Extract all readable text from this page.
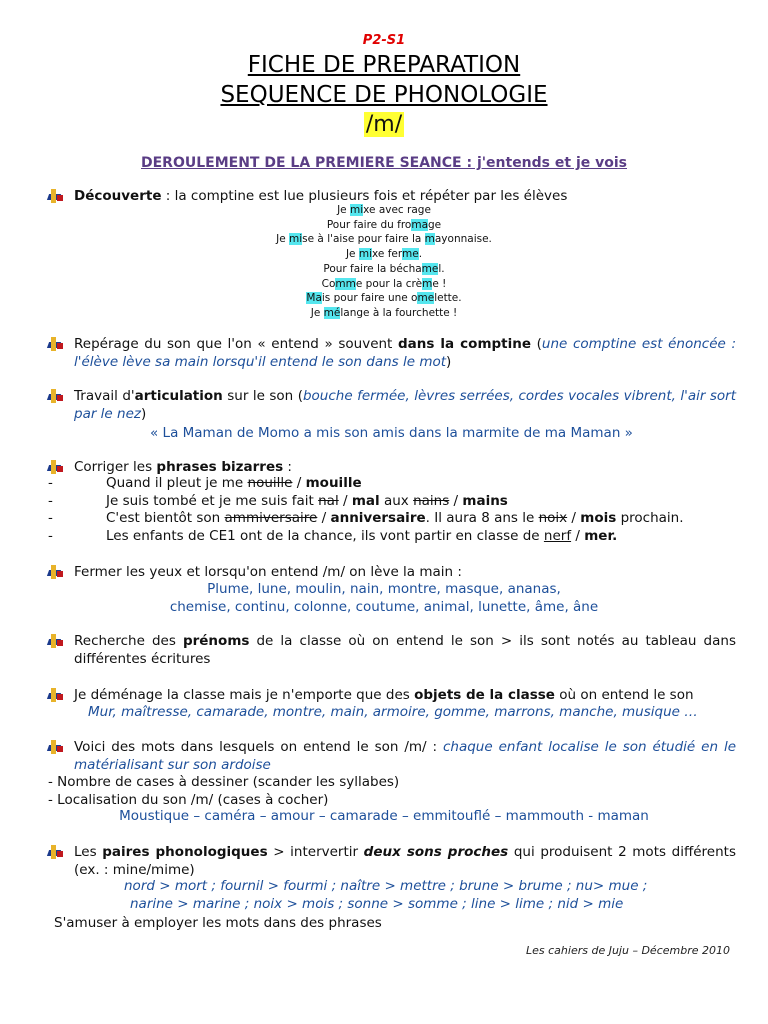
P2-S1
FICHE DE PREPARATION
SEQUENCE DE PHONOLOGIE
/m/
DEROULEMENT DE LA PREMIERE SEANCE : j'entends et je vois
Découverte : la comptine est lue plusieurs fois et répéter par les élèves
Je mixe avec rage
Pour faire du fromage
Je mise à l'aise pour faire la mayonnaise.
Je mixe ferme.
Pour faire la béchamel.
Comme pour la crème !
Mais pour faire une omelette.
Je mélange à la fourchette !
Repérage du son que l'on « entend » souvent dans la comptine (une comptine est énoncée : l'élève lève sa main lorsqu'il entend le son dans le mot)
Travail d'articulation sur le son (bouche fermée, lèvres serrées, cordes vocales vibrent, l'air sort par le nez)
« La Maman de Momo a mis son amis dans la marmite de ma Maman »
Corriger les phrases bizarres :
-	Quand il pleut je me nouille / mouille
-	Je suis tombé et je me suis fait nal / mal aux nains / mains
-	C'est bientôt son ammiversaire / anniversaire. Il aura 8 ans le noix / mois prochain.
-	Les enfants de CE1 ont de la chance, ils vont partir en classe de nerf / mer.
Fermer les yeux et lorsqu'on entend /m/ on lève la main :
Plume, lune, moulin, nain, montre, masque, ananas,
chemise, continu, colonne, coutume, animal, lunette, âme, âne
Recherche des prénoms de la classe où on entend le son > ils sont notés au tableau dans différentes écritures
Je déménage la classe mais je n'emporte que des objets de la classe où on entend le son
Mur, maîtresse, camarade, montre, main, armoire, gomme, marrons, manche, musique …
Voici des mots dans lesquels on entend le son /m/ : chaque enfant localise le son étudié en le matérialisant sur son ardoise
- Nombre de cases à dessiner (scander les syllabes)
- Localisation du son /m/ (cases à cocher)
Moustique – caméra – amour – camarade – emmitouflé – mammouth - maman
Les paires phonologiques > intervertir deux sons proches qui produisent 2 mots différents (ex. : mine/mime)
nord > mort ; fournil > fourmi ; naître > mettre ; brune > brume ; nu> mue ;
narine > marine ; noix > mois ; sonne > somme ; line > lime ; nid > mie
S'amuser à employer les mots dans des phrases
Les cahiers de Juju – Décembre 2010
